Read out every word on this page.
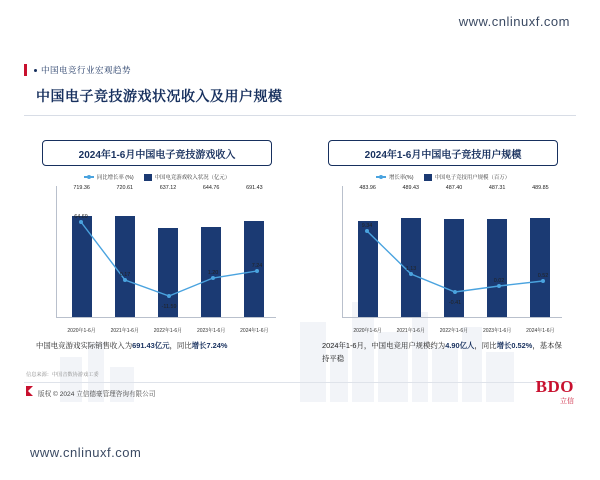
中国电竞行业宏观趋势
中国电子竞技游戏状况收入及用户规模
2024年1-6月中国电子竞技游戏收入
同比增长率 (%)	中国电竞游戏收入状况（亿元）
719.36	720.61	637.12	644.76	691.43
64.69
0.17
-11.59
1.20
7.24
2020年1-6月	2021年1-6月	2022年1-6月	2023年1-6月	2024年1-6月
中国电竞游戏实际销售收入为691.43亿元，同比增长7.24%
2024年1-6月中国电子竞技用户规模
增长率(%)	中国电子竞技用户规模（百万）
483.96	489.43	487.40	487.31	489.85
9.34
1.13
-0.41
0.02
0.52
2020年1-6月	2021年1-6月	2022年1-6月	2023年1-6月	2024年1-6月
2024年1-6月，中国电竞用户规模约为4.90亿人，同比增长0.52%，基本保持平稳
信息来源：中国音数协游戏工委
版权 © 2024 立信德豪管理咨询有限公司	BDO
立信
www.cnlinuxf.com
www.cnlinuxf.com
